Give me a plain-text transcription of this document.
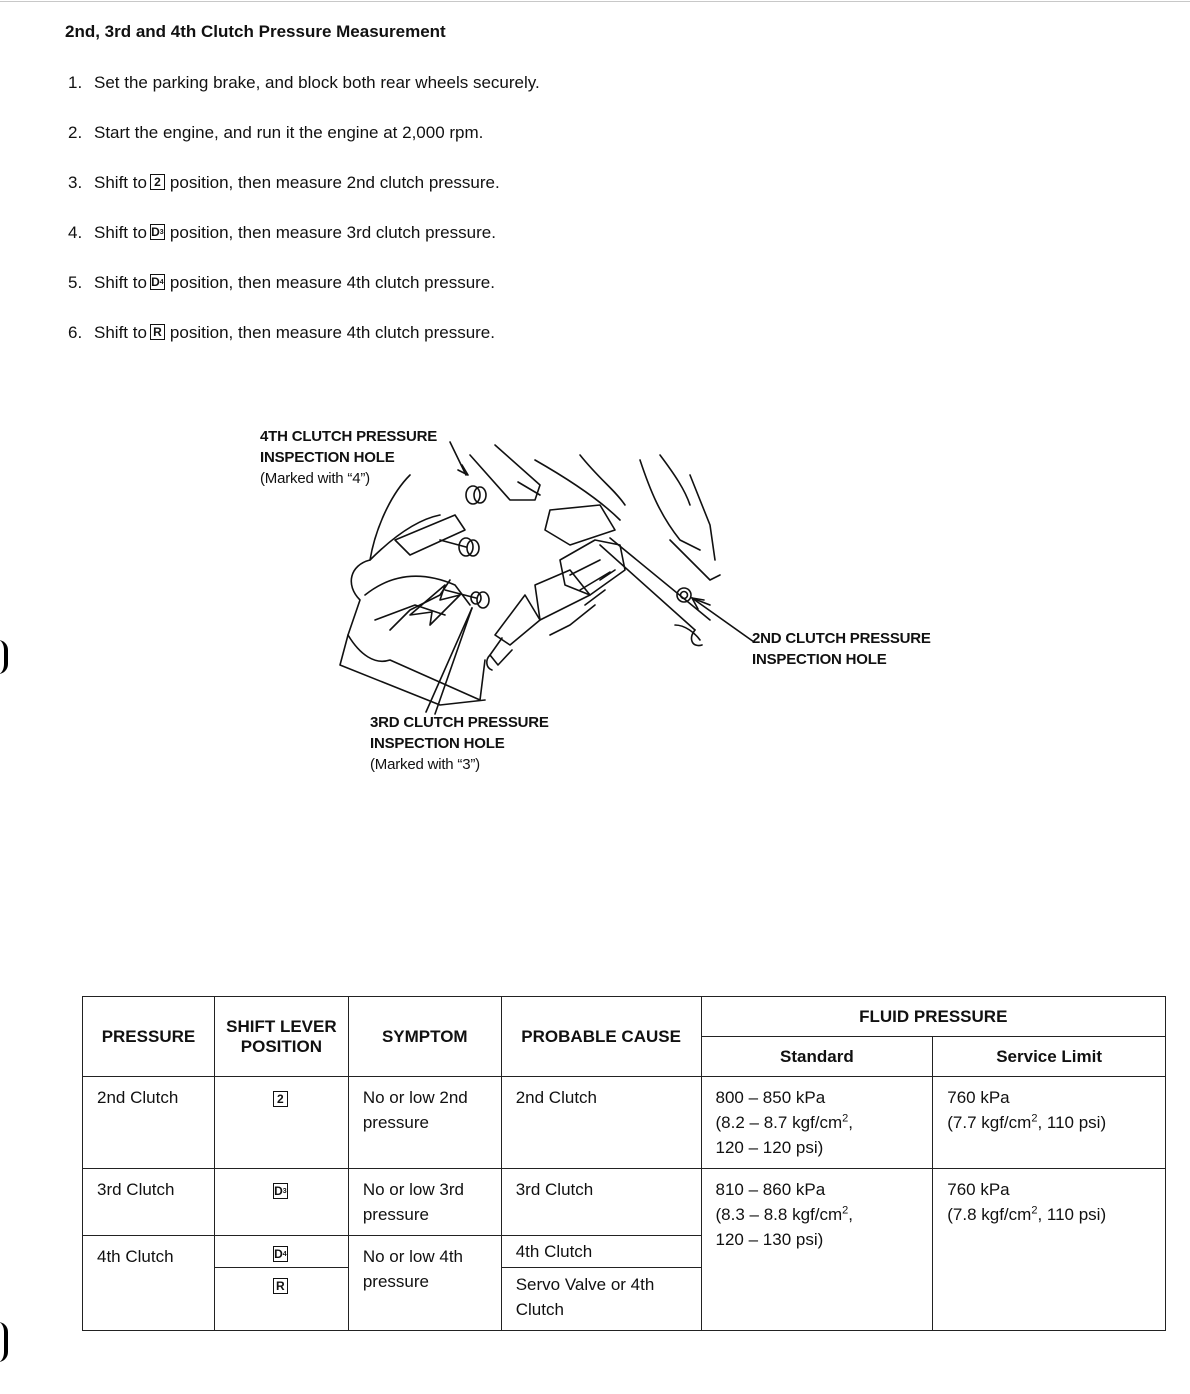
2nd, 3rd and 4th Clutch Pressure Measurement
1. Set the parking brake, and block both rear wheels securely.
2. Start the engine, and run it the engine at 2,000 rpm.
3. Shift to 2 position, then measure 2nd clutch pressure.
4. Shift to D 3 position, then measure 3rd clutch pressure.
5. Shift to D 4 position, then measure 4th clutch pressure.
6. Shift to R position, then measure 4th clutch pressure.
4TH CLUTCH PRESSURE
INSPECTION HOLE
(Marked with “4”)
2ND CLUTCH PRESSURE
INSPECTION HOLE
3RD CLUTCH PRESSURE
INSPECTION HOLE
(Marked with “3”)
PRESSURE	SHIFT LEVER POSITION	SYMPTOM	PROBABLE CAUSE	FLUID PRESSURE	
				Standard	Service Limit

2nd Clutch	2	No or low 2nd pressure	2nd Clutch	800 – 850 kPa
(8.2 – 8.7 kgf/$cm^2$,
120 – 120 psi)	760 kPa
(7.7 kgf/$cm^2$, 110 psi)

3rd Clutch	D 3	No or low 3rd pressure	3rd Clutch	810 – 860 kPa
(8.3 – 8.8 kgf/$cm^2$,
120 – 130 psi)	760 kPa
(7.8 kgf/$cm^2$, 110 psi)

4th Clutch	D 4	No or low 4th pressure	4th Clutch		

	R		Servo Valve or 4th Clutch		
